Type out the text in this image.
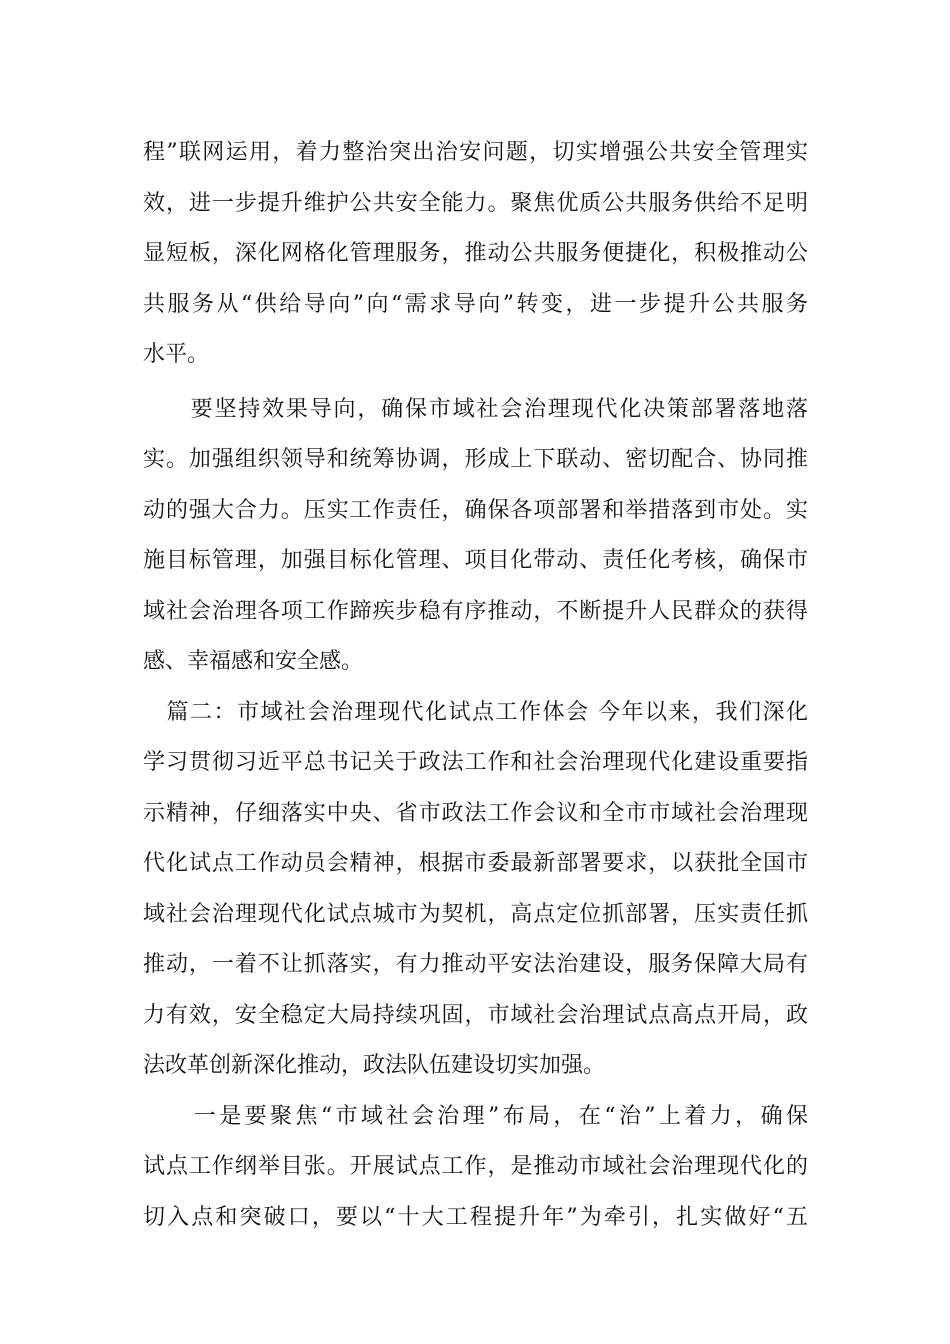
程”联网运用，着力整治突出治安问题，切实增强公共安全管理实
效，进一步提升维护公共安全能力。聚焦优质公共服务供给不足明
显短板，深化网格化管理服务，推动公共服务便捷化，积极推动公
共服务从“供给导向”向“需求导向”转变，进一步提升公共服务
水平。
　　要坚持效果导向，确保市域社会治理现代化决策部署落地落
实。加强组织领导和统筹协调，形成上下联动、密切配合、协同推
动的强大合力。压实工作责任，确保各项部署和举措落到市处。实
施目标管理，加强目标化管理、项目化带动、责任化考核，确保市
域社会治理各项工作蹄疾步稳有序推动，不断提升人民群众的获得
感、幸福感和安全感。
　篇二：市域社会治理现代化试点工作体会 今年以来，我们深化
学习贯彻习近平总书记关于政法工作和社会治理现代化建设重要指
示精神，仔细落实中央、省市政法工作会议和全市市域社会治理现
代化试点工作动员会精神，根据市委最新部署要求，以获批全国市
域社会治理现代化试点城市为契机，高点定位抓部署，压实责任抓
推动，一着不让抓落实，有力推动平安法治建设，服务保障大局有
力有效，安全稳定大局持续巩固，市域社会治理试点高点开局，政
法改革创新深化推动，政法队伍建设切实加强。
　　一是要聚焦“市域社会治理”布局，在“治”上着力，确保
试点工作纲举目张。开展试点工作，是推动市域社会治理现代化的
切入点和突破口，要以“十大工程提升年”为牵引，扎实做好“五
